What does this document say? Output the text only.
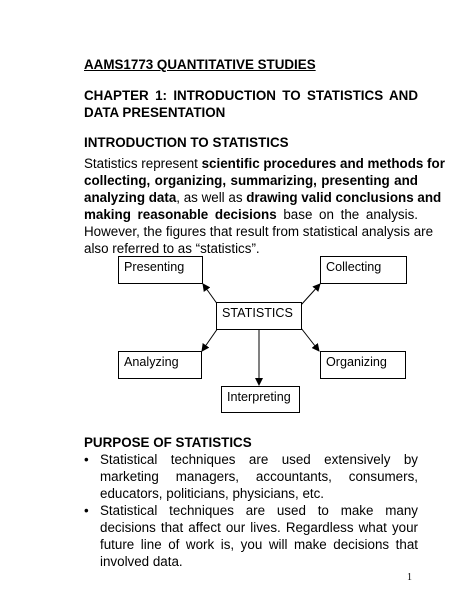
AAMS1773 QUANTITATIVE STUDIES
CHAPTER 1: INTRODUCTION TO STATISTICS AND
DATA PRESENTATION
INTRODUCTION TO STATISTICS
Statistics represent scientific procedures and methods for
collecting, organizing, summarizing, presenting and
analyzing data, as well as drawing valid conclusions and
making reasonable decisions base on the analysis.
However, the figures that result from statistical analysis are
also referred to as “statistics”.
Presenting	Collecting
STATISTICS
Analyzing	Organizing
Interpreting
PURPOSE OF STATISTICS
• Statistical techniques are used extensively by
marketing managers, accountants, consumers,
educators, politicians, physicians, etc.
• Statistical techniques are used to make many
decisions that affect our lives. Regardless what your
future line of work is, you will make decisions that
involved data.
1
